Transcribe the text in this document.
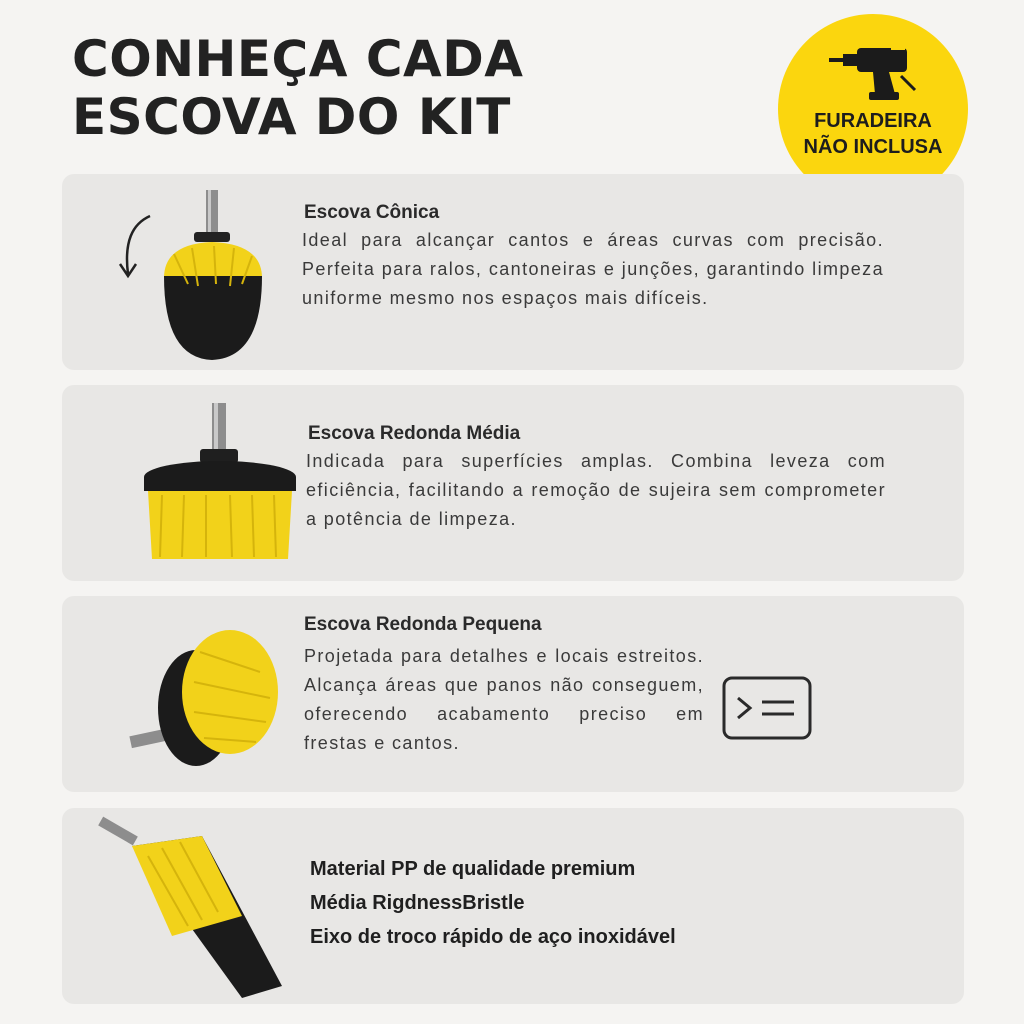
CONHEÇA CADA
ESCOVA DO KIT	FURADEIRA
NÃO INCLUSA
Escova Cônica

Ideal para alcançar cantos e áreas curvas com precisão. Perfeita para ralos, cantoneiras e junções, garantindo limpeza uniforme mesmo nos espaços mais difíceis.

Escova Redonda Média

Indicada para superfícies amplas. Combina leveza com eficiência, facilitando a remoção de sujeira sem comprometer a potência de limpeza.

Escova Redonda Pequena

Projetada para detalhes e locais estreitos. Alcança áreas que panos não conseguem, oferecendo acabamento preciso em frestas e cantos.

Material PP de qualidade premium
Média RigdnessBristle
Eixo de troco rápido de aço inoxidável
